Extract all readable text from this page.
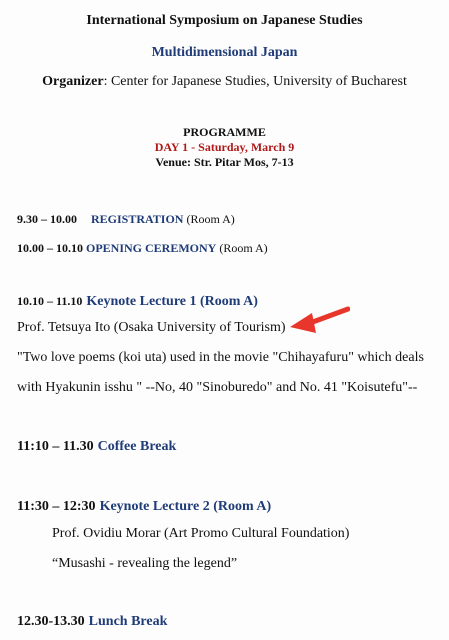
International Symposium on Japanese Studies
Multidimensional Japan
Organizer: Center for Japanese Studies, University of Bucharest
PROGRAMME
DAY 1 - Saturday, March 9
Venue: Str. Pitar Mos, 7-13
9.30 – 10.00 REGISTRATION (Room A)
10.00 – 10.10 OPENING CEREMONY (Room A)
10.10 – 11.10 Keynote Lecture 1 (Room A)
Prof. Tetsuya Ito (Osaka University of Tourism)
"Two love poems (koi uta) used in the movie "Chihayafuru" which deals
with Hyakunin isshu " --No, 40 "Sinoburedo" and No. 41 "Koisutefu"--
11:10 – 11.30 Coffee Break
11:30 – 12:30 Keynote Lecture 2 (Room A)
Prof. Ovidiu Morar (Art Promo Cultural Foundation)
“Musashi - revealing the legend”
12.30-13.30 Lunch Break
